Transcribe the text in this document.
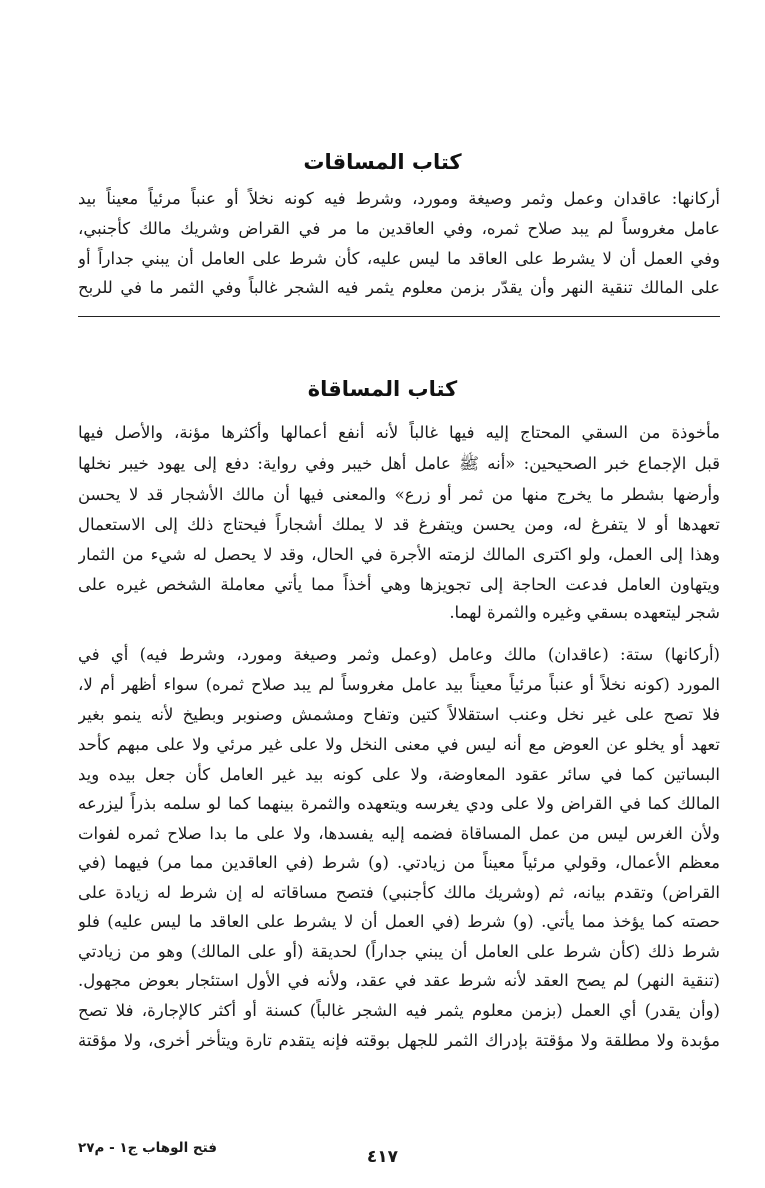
كتاب المساقات
أركانها: عاقدان وعمل وثمر وصيغة ومورد، وشرط فيه كونه نخلاً أو عنباً مرئياً معيناً بيد
عامل مغروساً لم يبد صلاح ثمره، وفي العاقدين ما مر في القراض وشريك مالك كأجنبي،
وفي العمل أن لا يشرط على العاقد ما ليس عليه، كأن شرط على العامل أن يبني جداراً أو
على المالك تنقية النهر وأن يقدّر بزمن معلوم يثمر فيه الشجر غالباً وفي الثمر ما في للربح
كتاب المساقاة
مأخوذة من السقي المحتاج إليه فيها غالباً لأنه أنفع أعمالها وأكثرها مؤنة، والأصل فيها
قبل الإجماع خبر الصحيحين: «أنه ﷺ عامل أهل خيبر وفي رواية: دفع إلى يهود خيبر نخلها
وأرضها بشطر ما يخرج منها من ثمر أو زرع» والمعنى فيها أن مالك الأشجار قد لا يحسن
تعهدها أو لا يتفرغ له، ومن يحسن ويتفرغ قد لا يملك أشجاراً فيحتاج ذلك إلى الاستعمال
وهذا إلى العمل، ولو اكترى المالك لزمته الأجرة في الحال، وقد لا يحصل له شيء من الثمار
ويتهاون العامل فدعت الحاجة إلى تجويزها وهي أخذاً مما يأتي معاملة الشخص غيره على
شجر ليتعهده بسقي وغيره والثمرة لهما.
(أركانها) ستة: (عاقدان) مالك وعامل (وعمل وثمر وصيغة ومورد، وشرط فيه) أي في
المورد (كونه نخلاً أو عنباً مرئياً معيناً بيد عامل مغروساً لم يبد صلاح ثمره) سواء أظهر أم لا،
فلا تصح على غير نخل وعنب استقلالاً كتين وتفاح ومشمش وصنوبر وبطيخ لأنه ينمو بغير
تعهد أو يخلو عن العوض مع أنه ليس في معنى النخل ولا على غير مرئي ولا على مبهم كأحد
البساتين كما في سائر عقود المعاوضة، ولا على كونه بيد غير العامل كأن جعل بيده ويد
المالك كما في القراض ولا على ودي يغرسه ويتعهده والثمرة بينهما كما لو سلمه بذراً ليزرعه
ولأن الغرس ليس من عمل المساقاة فضمه إليه يفسدها، ولا على ما بدا صلاح ثمره لفوات
معظم الأعمال، وقولي مرئياً معيناً من زيادتي. (و) شرط (في العاقدين مما مر) فيهما (في
القراض) وتقدم بيانه، ثم (وشريك مالك كأجنبي) فتصح مساقاته له إن شرط له زيادة على
حصته كما يؤخذ مما يأتي. (و) شرط (في العمل أن لا يشرط على العاقد ما ليس عليه) فلو
شرط ذلك (كأن شرط على العامل أن يبني جداراً) لحديقة (أو على المالك) وهو من زيادتي
(تنقية النهر) لم يصح العقد لأنه شرط عقد في عقد، ولأنه في الأول استئجار بعوض مجهول.
(وأن يقدر) أي العمل (بزمن معلوم يثمر فيه الشجر غالباً) كسنة أو أكثر كالإجارة، فلا تصح
مؤبدة ولا مطلقة ولا مؤقتة بإدراك الثمر للجهل بوقته فإنه يتقدم تارة ويتأخر أخرى، ولا مؤقتة
فتح الوهاب ج١ - م٢٧	٤١٧
